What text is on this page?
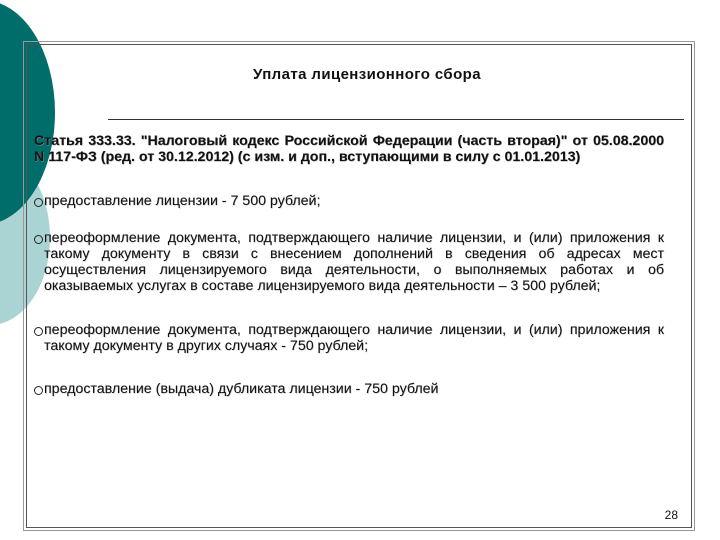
Уплата лицензионного сбора

Статья 333.33. "Налоговый кодекс Российской Федерации (часть вторая)" от 05.08.2000 N 117-ФЗ (ред. от 30.12.2012) (с изм. и доп., вступающими в силу с 01.01.2013)

предоставление лицензии - 7 500 рублей;
переоформление документа, подтверждающего наличие лицензии, и (или) приложения к такому документу в связи с внесением дополнений в сведения об адресах мест осуществления лицензируемого вида деятельности, о выполняемых работах и об оказываемых услугах в составе лицензируемого вида деятельности – 3 500 рублей;
переоформление документа, подтверждающего наличие лицензии, и (или) приложения к такому документу в других случаях - 750 рублей;
предоставление (выдача) дубликата лицензии - 750 рублей
28
